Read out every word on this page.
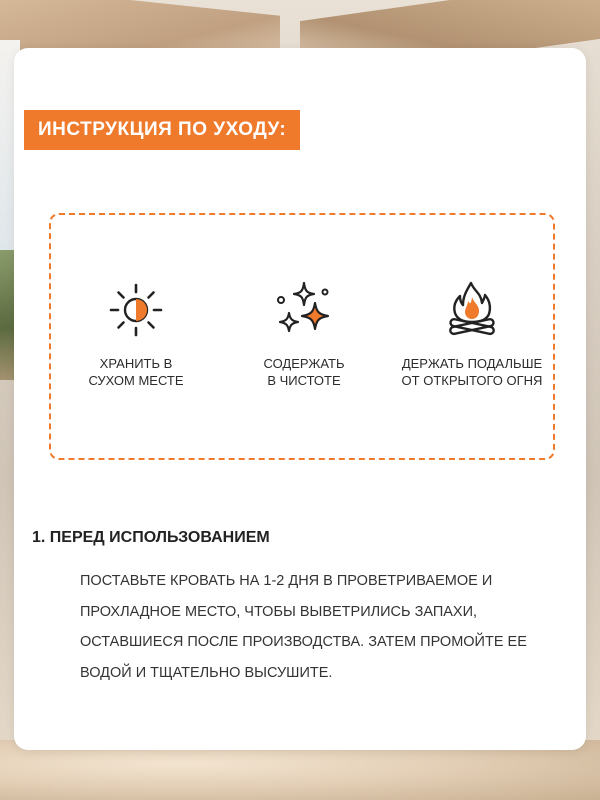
ИНСТРУКЦИЯ ПО УХОДУ:
ХРАНИТЬ В
СУХОМ МЕСТЕ
СОДЕРЖАТЬ
В ЧИСТОТЕ
ДЕРЖАТЬ ПОДАЛЬШЕ
ОТ ОТКРЫТОГО ОГНЯ
1. ПЕРЕД ИСПОЛЬЗОВАНИЕМ
ПОСТАВЬТЕ КРОВАТЬ НА 1-2 ДНЯ В ПРОВЕТРИВАЕМОЕ И ПРОХЛАДНОЕ МЕСТО, ЧТОБЫ ВЫВЕТРИЛИСЬ ЗАПАХИ, ОСТАВШИЕСЯ ПОСЛЕ ПРОИЗВОДСТВА. ЗАТЕМ ПРОМОЙТЕ ЕЕ ВОДОЙ И ТЩАТЕЛЬНО ВЫСУШИТЕ.
